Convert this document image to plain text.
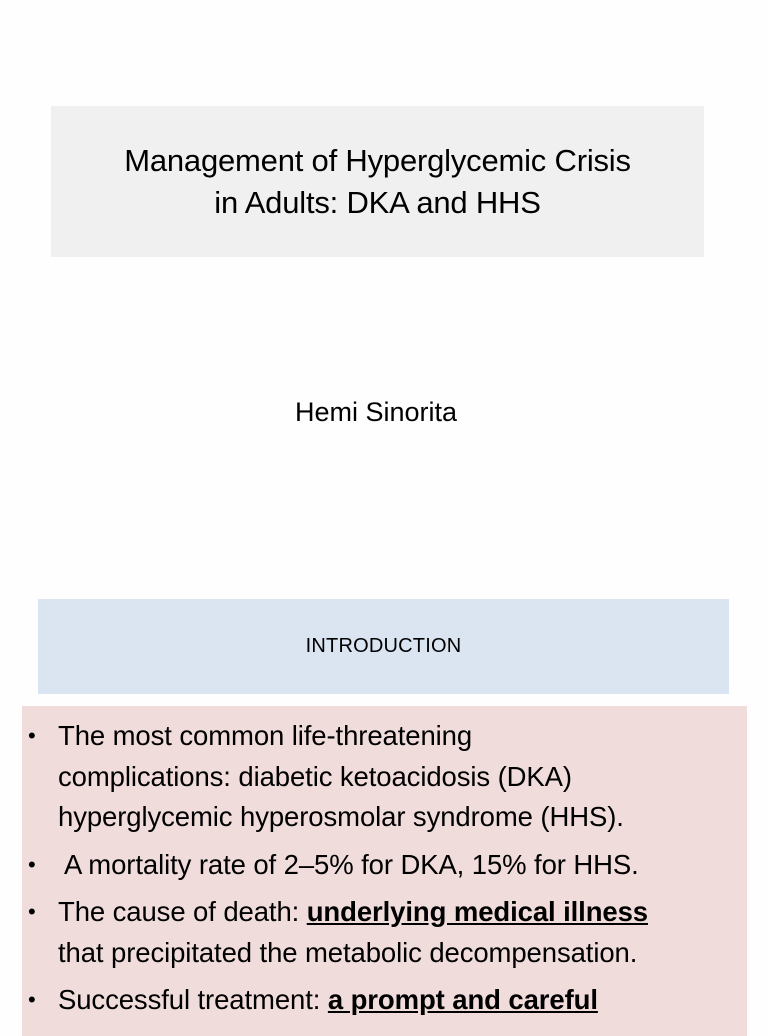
Management of Hyperglycemic Crisis
in Adults: DKA and HHS
Hemi Sinorita
INTRODUCTION
• The most common life-threatening
complications: diabetic ketoacidosis (DKA)
hyperglycemic hyperosmolar syndrome (HHS).
• A mortality rate of 2–5% for DKA, 15% for HHS.
• The cause of death: underlying medical illness
that precipitated the metabolic decompensation.
• Successful treatment: a prompt and careful
